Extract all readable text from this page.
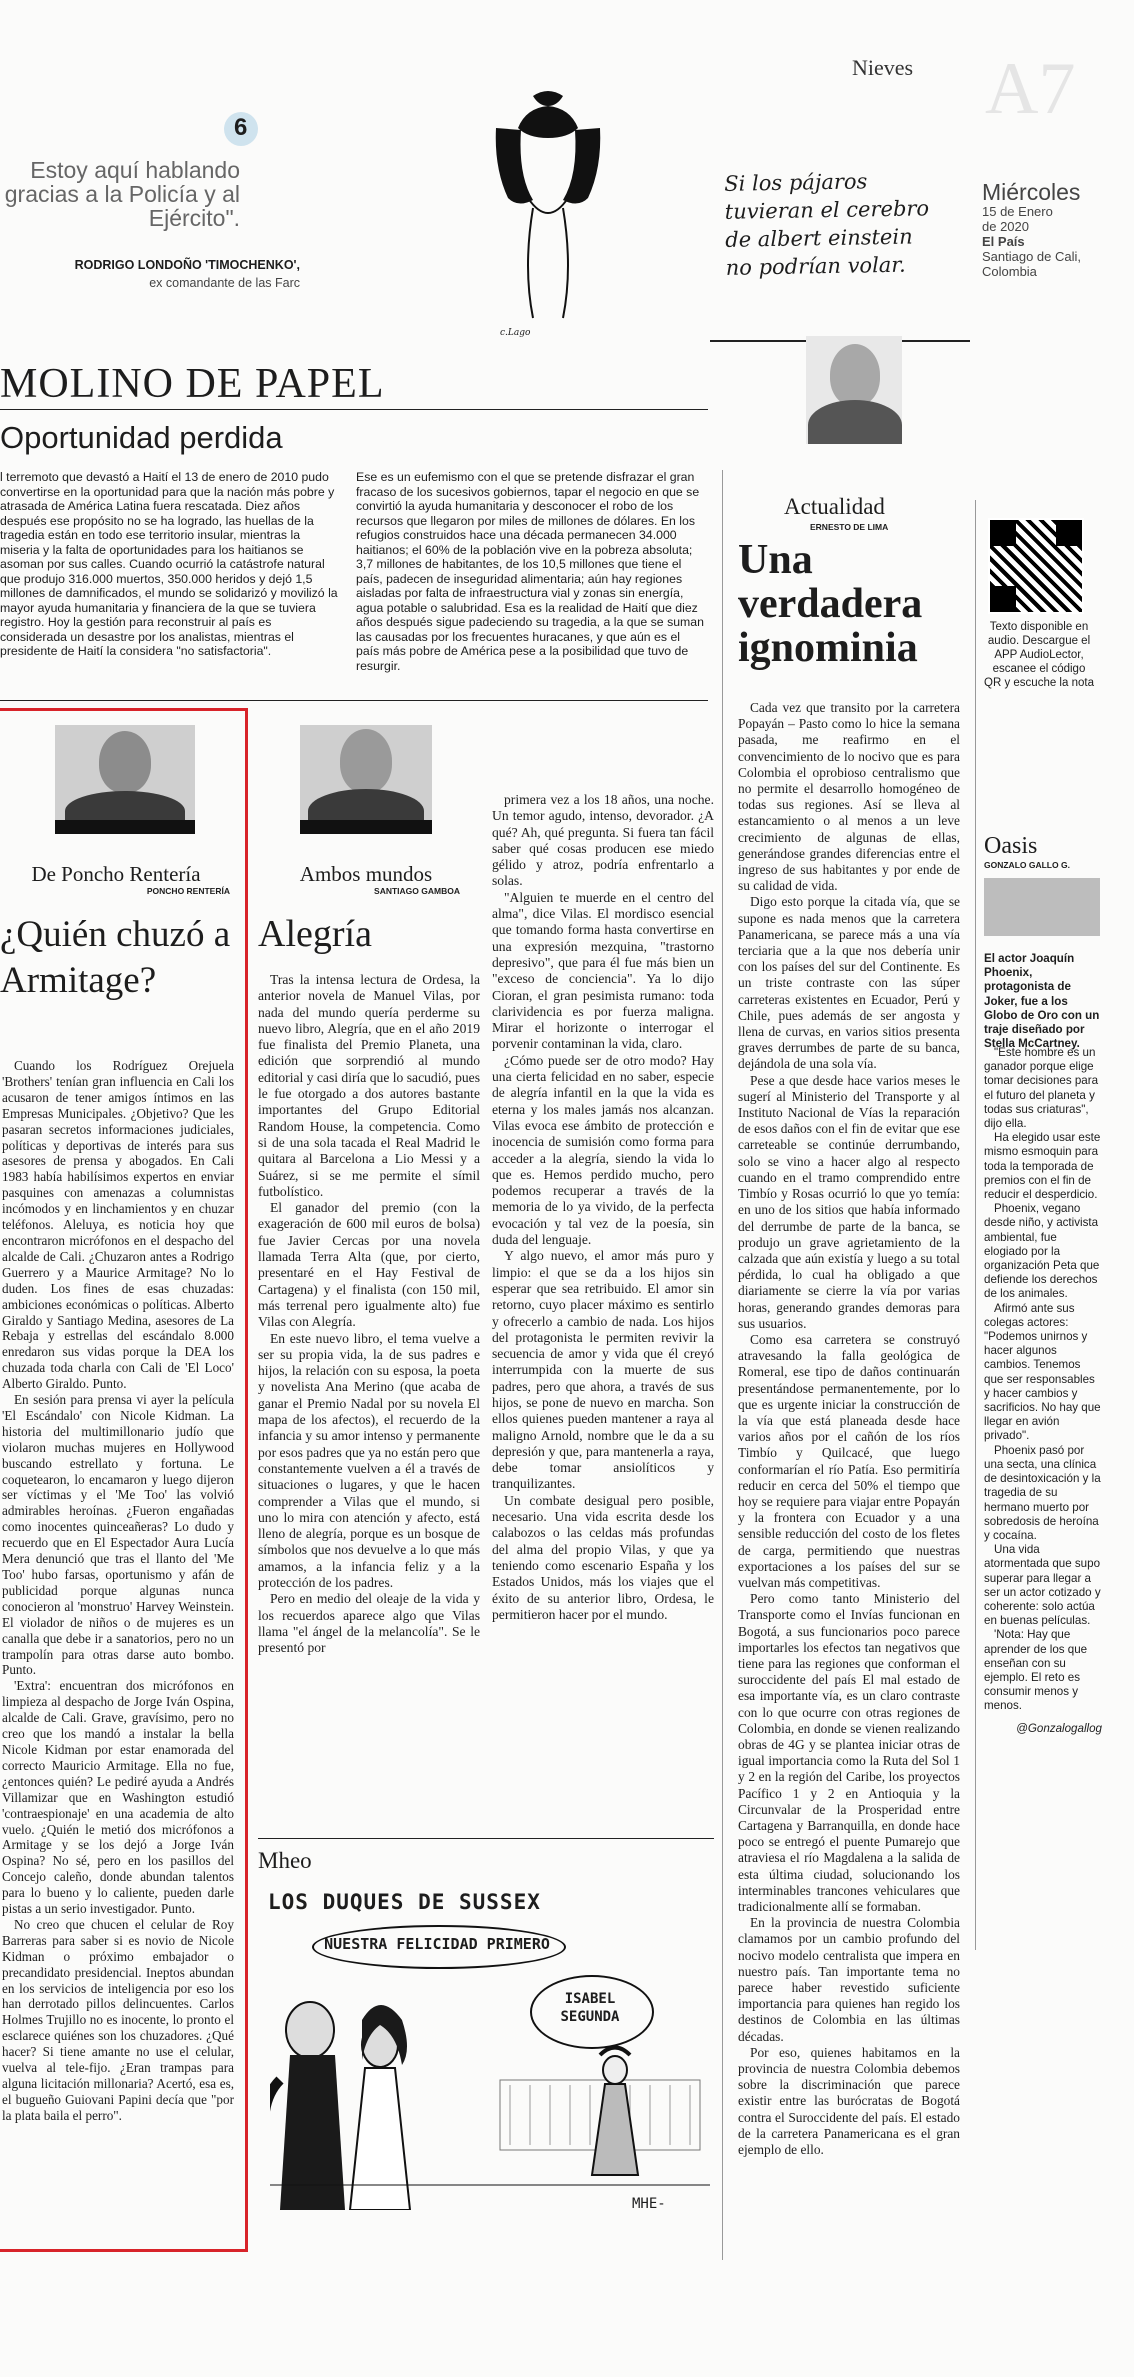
Nieves A7
Miércoles
15 de Enero
de 2020
El País
Santiago de Cali,
Colombia
6
Estoy aquí hablando gracias a la Policía y al Ejército".
RODRIGO LONDOÑO 'TIMOCHENKO',
ex comandante de las Farc
Si los pájaros tuvieran el cerebro de albert einstein no podrían volar.
c.Lago
MOLINO DE PAPEL
Oportunidad perdida
l terremoto que devastó a Haití el 13 de enero de 2010 pudo convertirse en la oportunidad para que la nación más pobre y atrasada de América Latina fuera rescatada. Diez años después ese propósito no se ha logrado, las huellas de la tragedia están en todo ese territorio insular, mientras la miseria y la falta de oportunidades para los haitianos se asoman por sus calles. Cuando ocurrió la catástrofe natural que produjo 316.000 muertos, 350.000 heridos y dejó 1,5 millones de damnificados, el mundo se solidarizó y movilizó la mayor ayuda humanitaria y financiera de la que se tuviera registro. Hoy la gestión para reconstruir al país es considerada un desastre por los analistas, mientras el presidente de Haití la considera "no satisfactoria".
Ese es un eufemismo con el que se pretende disfrazar el gran fracaso de los sucesivos gobiernos, tapar el negocio en que se convirtió la ayuda humanitaria y desconocer el robo de los recursos que llegaron por miles de millones de dólares. En los refugios construidos hace una década permanecen 34.000 haitianos; el 60% de la población vive en la pobreza absoluta; 3,7 millones de habitantes, de los 10,5 millones que tiene el país, padecen de inseguridad alimentaria; aún hay regiones aisladas por falta de infraestructura vial y zonas sin energía, agua potable o salubridad. Esa es la realidad de Haití que diez años después sigue padeciendo su tragedia, a la que se suman las causadas por los frecuentes huracanes, y que aún es el país más pobre de América pese a la posibilidad que tuvo de resurgir.
De Poncho Rentería
PONCHO RENTERÍA
¿Quién chuzó a Armitage?

Cuando los Rodríguez Orejuela 'Brothers' tenían gran influencia en Cali los acusaron de tener amigos íntimos en las Empresas Municipales. ¿Objetivo? Que les pasaran secretos informaciones judiciales, políticas y deportivas de interés para sus asesores de prensa y abogados. En Cali 1983 había habilísimos expertos en enviar pasquines con amenazas a columnistas incómodos y en linchamientos y en chuzar teléfonos. Aleluya, es noticia hoy que encontraron micrófonos en el despacho del alcalde de Cali. ¿Chuzaron antes a Rodrigo Guerrero y a Maurice Armitage? No lo duden. Los fines de esas chuzadas: ambiciones económicas o políticas. Alberto Giraldo y Santiago Medina, asesores de La Rebaja y estrellas del escándalo 8.000 enredaron sus vidas porque la DEA los chuzada toda charla con Cali de 'El Loco' Alberto Giraldo. Punto.

En sesión para prensa vi ayer la película 'El Escándalo' con Nicole Kidman. La historia del multimillonario judío que violaron muchas mujeres en Hollywood buscando estrellato y fortuna. Le coquetearon, lo encamaron y luego dijeron ser víctimas y el 'Me Too' las volvió admirables heroínas. ¿Fueron engañadas como inocentes quinceañeras? Lo dudo y recuerdo que en El Espectador Aura Lucía Mera denunció que tras el llanto del 'Me Too' hubo farsas, oportunismo y afán de publicidad porque algunas nunca conocieron al 'monstruo' Harvey Weinstein. El violador de niños o de mujeres es un canalla que debe ir a sanatorios, pero no un trampolín para otras darse auto bombo. Punto.

'Extra': encuentran dos micrófonos en limpieza al despacho de Jorge Iván Ospina, alcalde de Cali. Grave, gravísimo, pero no creo que los mandó a instalar la bella Nicole Kidman por estar enamorada del correcto Mauricio Armitage. Ella no fue, ¿entonces quién? Le pediré ayuda a Andrés Villamizar que en Washington estudió 'contraespionaje' en una academia de alto vuelo. ¿Quién le metió dos micrófonos a Armitage y se los dejó a Jorge Iván Ospina? No sé, pero en los pasillos del Concejo caleño, donde abundan talentos para lo bueno y lo caliente, pueden darle pistas a un serio investigador. Punto.

No creo que chucen el celular de Roy Barreras para saber si es novio de Nicole Kidman o próximo embajador o precandidato presidencial. Ineptos abundan en los servicios de inteligencia por eso los han derrotado pillos delincuentes. Carlos Holmes Trujillo no es inocente, lo pronto el esclarece quiénes son los chuzadores. ¿Qué hacer? Si tiene amante no use el celular, vuelva al tele-fijo. ¿Eran trampas para alguna licitación millonaria? Acertó, esa es, el bugueño Guiovani Papini decía que "por la plata baila el perro".

Ambos mundos
SANTIAGO GAMBOA
Alegría

Tras la intensa lectura de Ordesa, la anterior novela de Manuel Vilas, por nada del mundo quería perderme su nuevo libro, Alegría, que en el año 2019 fue finalista del Premio Planeta, una edición que sorprendió al mundo editorial y casi diría que lo sacudió, pues le fue otorgado a dos autores bastante importantes del Grupo Editorial Random House, la competencia. Como si de una sola tacada el Real Madrid le quitara al Barcelona a Lio Messi y a Suárez, si se me permite el símil futbolístico.

El ganador del premio (con la exageración de 600 mil euros de bolsa) fue Javier Cercas por una novela llamada Terra Alta (que, por cierto, presentaré en el Hay Festival de Cartagena) y el finalista (con 150 mil, más terrenal pero igualmente alto) fue Vilas con Alegría.

En este nuevo libro, el tema vuelve a ser su propia vida, la de sus padres e hijos, la relación con su esposa, la poeta y novelista Ana Merino (que acaba de ganar el Premio Nadal por su novela El mapa de los afectos), el recuerdo de la infancia y su amor intenso y permanente por esos padres que ya no están pero que constantemente vuelven a él a través de situaciones o lugares, y que le hacen comprender a Vilas que el mundo, si uno lo mira con atención y afecto, está lleno de alegría, porque es un bosque de símbolos que nos devuelve a lo que más amamos, a la infancia feliz y a la protección de los padres.

Pero en medio del oleaje de la vida y los recuerdos aparece algo que Vilas llama "el ángel de la melancolía". Se le presentó por

primera vez a los 18 años, una noche. Un temor agudo, intenso, devorador. ¿A qué? Ah, qué pregunta. Si fuera tan fácil saber qué cosas producen ese miedo gélido y atroz, podría enfrentarlo a solas.

"Alguien te muerde en el centro del alma", dice Vilas. El mordisco esencial que tomando forma hasta convertirse en una expresión mezquina, "trastorno depresivo", que para él fue más bien un "exceso de conciencia". Ya lo dijo Cioran, el gran pesimista rumano: toda clarividencia es por fuerza maligna. Mirar el horizonte o interrogar el porvenir contaminan la vida, claro.

¿Cómo puede ser de otro modo? Hay una cierta felicidad en no saber, especie de alegría infantil en la que la vida es eterna y los males jamás nos alcanzan. Vilas evoca ese ámbito de protección e inocencia de sumisión como forma para acceder a la alegría, siendo la vida lo que es. Hemos perdido mucho, pero podemos recuperar a través de la memoria de lo ya vivido, de la perfecta evocación y tal vez de la poesía, sin duda del lenguaje.

Y algo nuevo, el amor más puro y limpio: el que se da a los hijos sin esperar que sea retribuido. El amor sin retorno, cuyo placer máximo es sentirlo y ofrecerlo a cambio de nada. Los hijos del protagonista le permiten revivir la secuencia de amor y vida que él creyó interrumpida con la muerte de sus padres, pero que ahora, a través de sus hijos, se pone de nuevo en marcha. Son ellos quienes pueden mantener a raya al maligno Arnold, nombre que le da a su depresión y que, para mantenerla a raya, debe tomar ansiolíticos y tranquilizantes.

Un combate desigual pero posible, necesario. Una vida escrita desde los calabozos o las celdas más profundas del alma del propio Vilas, y que ya teniendo como escenario España y los Estados Unidos, más los viajes que el éxito de su anterior libro, Ordesa, le permitieron hacer por el mundo.

Mheo
LOS DUQUES DE SUSSEX
NUESTRA FELICIDAD PRIMERO
ISABEL SEGUNDA
MHE-
Actualidad
ERNESTO DE LIMA
Una verdadera ignominia

Cada vez que transito por la carretera Popayán – Pasto como lo hice la semana pasada, me reafirmo en el convencimiento de lo nocivo que es para Colombia el oprobioso centralismo que no permite el desarrollo homogéneo de todas sus regiones. Así se lleva al estancamiento o al menos a un leve crecimiento de algunas de ellas, generándose grandes diferencias entre el ingreso de sus habitantes y por ende de su calidad de vida.

Digo esto porque la citada vía, que se supone es nada menos que la carretera Panamericana, se parece más a una vía terciaria que a la que nos debería unir con los países del sur del Continente. Es un triste contraste con las súper carreteras existentes en Ecuador, Perú y Chile, pues además de ser angosta y llena de curvas, en varios sitios presenta graves derrumbes de parte de su banca, dejándola de una sola vía.

Pese a que desde hace varios meses le sugerí al Ministerio del Transporte y al Instituto Nacional de Vías la reparación de esos daños con el fin de evitar que ese carreteable se continúe derrumbando, solo se vino a hacer algo al respecto cuando en el tramo comprendido entre Timbío y Rosas ocurrió lo que yo temía: en uno de los sitios que había informado del derrumbe de parte de la banca, se produjo un grave agrietamiento de la calzada que aún existía y luego a su total pérdida, lo cual ha obligado a que diariamente se cierre la vía por varias horas, generando grandes demoras para sus usuarios.

Como esa carretera se construyó atravesando la falla geológica de Romeral, ese tipo de daños continuarán presentándose permanentemente, por lo que es urgente iniciar la construcción de la vía que está planeada desde hace varios años por el cañón de los ríos Timbío y Quilcacé, que luego conformarían el río Patía. Eso permitiría reducir en cerca del 50% el tiempo que hoy se requiere para viajar entre Popayán y la frontera con Ecuador y a una sensible reducción del costo de los fletes de carga, permitiendo que nuestras exportaciones a los países del sur se vuelvan más competitivas.

Pero como tanto Ministerio del Transporte como el Invías funcionan en Bogotá, a sus funcionarios poco parece importarles los efectos tan negativos que tiene para las regiones que conforman el suroccidente del país El mal estado de esa importante vía, es un claro contraste con lo que ocurre con otras regiones de Colombia, en donde se vienen realizando obras de 4G y se plantea iniciar otras de igual importancia como la Ruta del Sol 1 y 2 en la región del Caribe, los proyectos Pacífico 1 y 2 en Antioquia y la Circunvalar de la Prosperidad entre Cartagena y Barranquilla, en donde hace poco se entregó el puente Pumarejo que atraviesa el río Magdalena a la salida de esta última ciudad, solucionando los interminables trancones vehiculares que tradicionalmente allí se formaban.

En la provincia de nuestra Colombia clamamos por un cambio profundo del nocivo modelo centralista que impera en nuestro país. Tan importante tema no parece haber revestido suficiente importancia para quienes han regido los destinos de Colombia en las últimas décadas.

Por eso, quienes habitamos en la provincia de nuestra Colombia debemos sobre la discriminación que parece existir entre las burócratas de Bogotá contra el Suroccidente del país. El estado de la carretera Panamericana es el gran ejemplo de ello.

Texto disponible en audio. Descargue el APP AudioLector, escanee el código QR y escuche la nota
Oasis
GONZALO GALLO G.
El actor Joaquín Phoenix, protagonista de Joker, fue a los Globo de Oro con un traje diseñado por Stella McCartney.

"Este hombre es un ganador porque elige tomar decisiones para el futuro del planeta y todas sus criaturas", dijo ella.

Ha elegido usar este mismo esmoquin para toda la temporada de premios con el fin de reducir el desperdicio.

Phoenix, vegano desde niño, y activista ambiental, fue elogiado por la organización Peta que defiende los derechos de los animales.

Afirmó ante sus colegas actores: "Podemos unirnos y hacer algunos cambios. Tenemos que ser responsables y hacer cambios y sacrificios. No hay que llegar en avión privado".

Phoenix pasó por una secta, una clínica de desintoxicación y la tragedia de su hermano muerto por sobredosis de heroína y cocaína.

Una vida atormentada que supo superar para llegar a ser un actor cotizado y coherente: solo actúa en buenas películas.

'Nota: Hay que aprender de los que enseñan con su ejemplo. El reto es consumir menos y menos.

@Gonzalogallog
